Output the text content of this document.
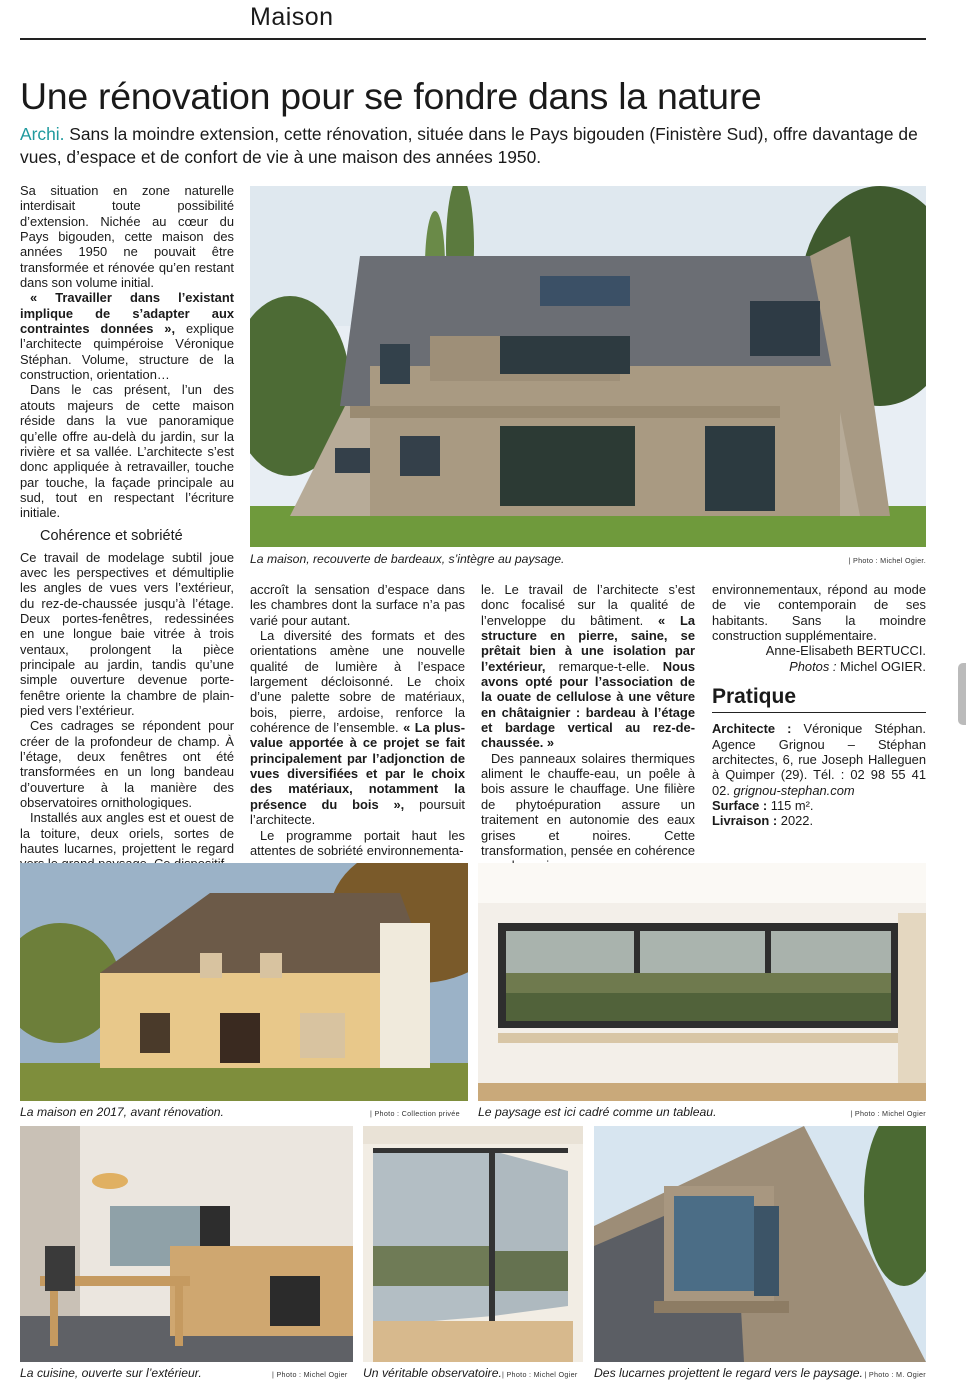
Maison
Une rénovation pour se fondre dans la nature
Archi. Sans la moindre extension, cette rénovation, située dans le Pays bigouden (Finistère Sud), offre davantage de vues, d’espace et de confort de vie à une maison des années 1950.

Sa situation en zone naturelle interdisait toute possibilité d’extension. Nichée au cœur du Pays bigouden, cette maison des années 1950 ne pouvait être transformée et rénovée qu’en restant dans son volume initial.

« Travailler dans l’existant implique de s’adapter aux contraintes données », explique l’architecte quimpéroise Véronique Stéphan. Volume, structure de la construction, orientation…

Dans le cas présent, l’un des atouts majeurs de cette maison réside dans la vue panoramique qu’elle offre au-delà du jardin, sur la rivière et sa vallée. L’architecte s’est donc appliquée à retravailler, touche par touche, la façade principale au sud, tout en respectant l’écriture initiale.

Cohérence et sobriété

Ce travail de modelage subtil joue avec les perspectives et démultiplie les angles de vues vers l’extérieur, du rez-de-chaussée jusqu’à l’étage. Deux portes-fenêtres, redessinées en une longue baie vitrée à trois ventaux, prolongent la pièce principale au jardin, tandis qu’une simple ouverture devenue porte-fenêtre oriente la chambre de plain-pied vers l’extérieur.

Ces cadrages se répondent pour créer de la profondeur de champ. À l’étage, deux fenêtres ont été transformées en un long bandeau d’ouverture à la manière des observatoires ornithologiques.

Installés aux angles est et ouest de la toiture, deux oriels, sortes de hautes lucarnes, projettent le regard

accroît la sensation d’espace dans les chambres dont la surface n’a pas varié pour autant.

La diversité des formats et des orientations amène une nouvelle qualité de lumière à l’espace largement décloisonné. Le choix d’une palette sobre de matériaux, bois, pierre, ardoise, renforce la cohérence de l’ensemble. « La plus-value apportée à ce projet se fait principalement par l’adjonction de vues diversifiées et par le choix des matériaux, notamment la présence du bois », poursuit l’architecte.

Le programme portait haut les attentes de sobriété environnementa-

le. Le travail de l’architecte s’est donc focalisé sur la qualité de l’enveloppe du bâtiment. « La structure en pierre, saine, se prêtait bien à une isolation par l’extérieur, remarque-t-elle. Nous avons opté pour l’association de la ouate de cellulose à une vêture en châtaignier : bardeau à l’étage et bardage vertical au rez-de-chaussée. »

Des panneaux solaires thermiques aliment le chauffe-eau, un poêle à bois assure le chauffage. Une filière de phytoépuration assure un traitement en autonomie des eaux grises et noires. Cette transformation, pensée en cohérence

environnementaux, répond au mode de vie contemporain de ses habitants. Sans la moindre construction supplémentaire.

Anne-Elisabeth BERTUCCI.

Photos : Michel OGIER.

Pratique

Architecte : Véronique Stéphan. Agence Grignou – Stéphan architectes, 6, rue Joseph Halleguen à Quimper (29). Tél. : 02 98 55 41 02. grignou-stephan.com

Surface : 115 m².

Livraison : 2022.

La maison, recouverte de bardeaux, s’intègre au paysage.	| Photo : Michel Ogier.
La maison en 2017, avant rénovation.	| Photo : Collection privée Le paysage est ici cadré comme un tableau.	| Photo : Michel Ogier
La cuisine, ouverte sur l’extérieur.	| Photo : Michel Ogier Un véritable observatoire. | Photo : Michel Ogier Des lucarnes projettent le regard vers le paysage. | Photo : M. Ogier
